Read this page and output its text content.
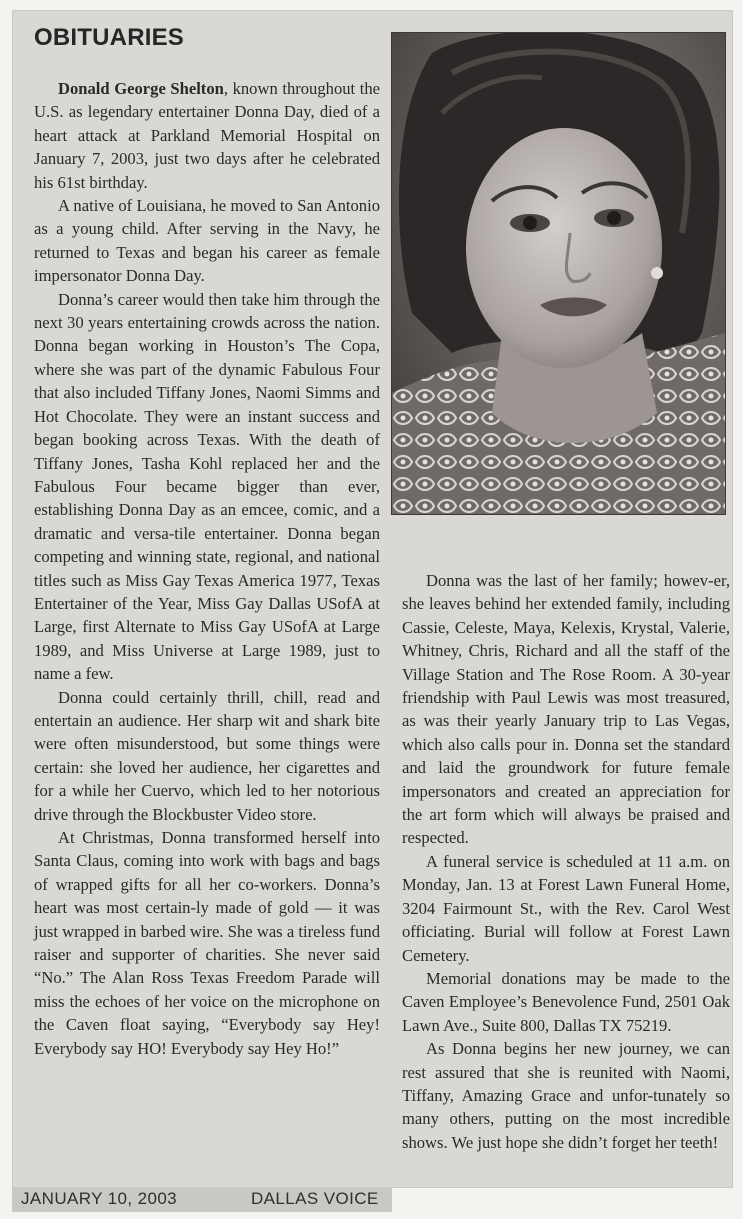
OBITUARIES

Donald George Shelton, known throughout the U.S. as legendary entertainer Donna Day, died of a heart attack at Parkland Memorial Hospital on January 7, 2003, just two days after he celebrated his 61st birthday.

A native of Louisiana, he moved to San Antonio as a young child. After serving in the Navy, he returned to Texas and began his career as female impersonator Donna Day.

Donna’s career would then take him through the next 30 years entertaining crowds across the nation. Donna began working in Houston’s The Copa, where she was part of the dynamic Fabulous Four that also included Tiffany Jones, Naomi Simms and Hot Chocolate. They were an instant success and began booking across Texas. With the death of Tiffany Jones, Tasha Kohl replaced her and the Fabulous Four became bigger than ever, establishing Donna Day as an emcee, comic, and a dramatic and versa-tile entertainer. Donna began competing and winning state, regional, and national titles such as Miss Gay Texas America 1977, Texas Entertainer of the Year, Miss Gay Dallas USofA at Large, first Alternate to Miss Gay USofA at Large 1989, and Miss Universe at Large 1989, just to name a few.

Donna could certainly thrill, chill, read and entertain an audience. Her sharp wit and shark bite were often misunderstood, but some things were certain: she loved her audience, her cigarettes and for a while her Cuervo, which led to her notorious drive through the Blockbuster Video store.

At Christmas, Donna transformed herself into Santa Claus, coming into work with bags and bags of wrapped gifts for all her co-workers. Donna’s heart was most certain-ly made of gold — it was just wrapped in barbed wire. She was a tireless fund raiser and supporter of charities. She never said “No.” The Alan Ross Texas Freedom Parade will miss the echoes of her voice on the microphone on the Caven float saying, “Everybody say Hey! Everybody say HO! Everybody say Hey Ho!”

Donna was the last of her family; howev-er, she leaves behind her extended family, including Cassie, Celeste, Maya, Kelexis, Krystal, Valerie, Whitney, Chris, Richard and all the staff of the Village Station and The Rose Room. A 30-year friendship with Paul Lewis was most treasured, as was their yearly January trip to Las Vegas, which also calls pour in. Donna set the standard and laid the groundwork for future female impersonators and created an appreciation for the art form which will always be praised and respected.

A funeral service is scheduled at 11 a.m. on Monday, Jan. 13 at Forest Lawn Funeral Home, 3204 Fairmount St., with the Rev. Carol West officiating. Burial will follow at Forest Lawn Cemetery.

Memorial donations may be made to the Caven Employee’s Benevolence Fund, 2501 Oak Lawn Ave., Suite 800, Dallas TX 75219.

As Donna begins her new journey, we can rest assured that she is reunited with Naomi, Tiffany, Amazing Grace and unfor-tunately so many others, putting on the most incredible shows. We just hope she didn’t forget her teeth!

JANUARY 10, 2003	DALLAS VOICE
